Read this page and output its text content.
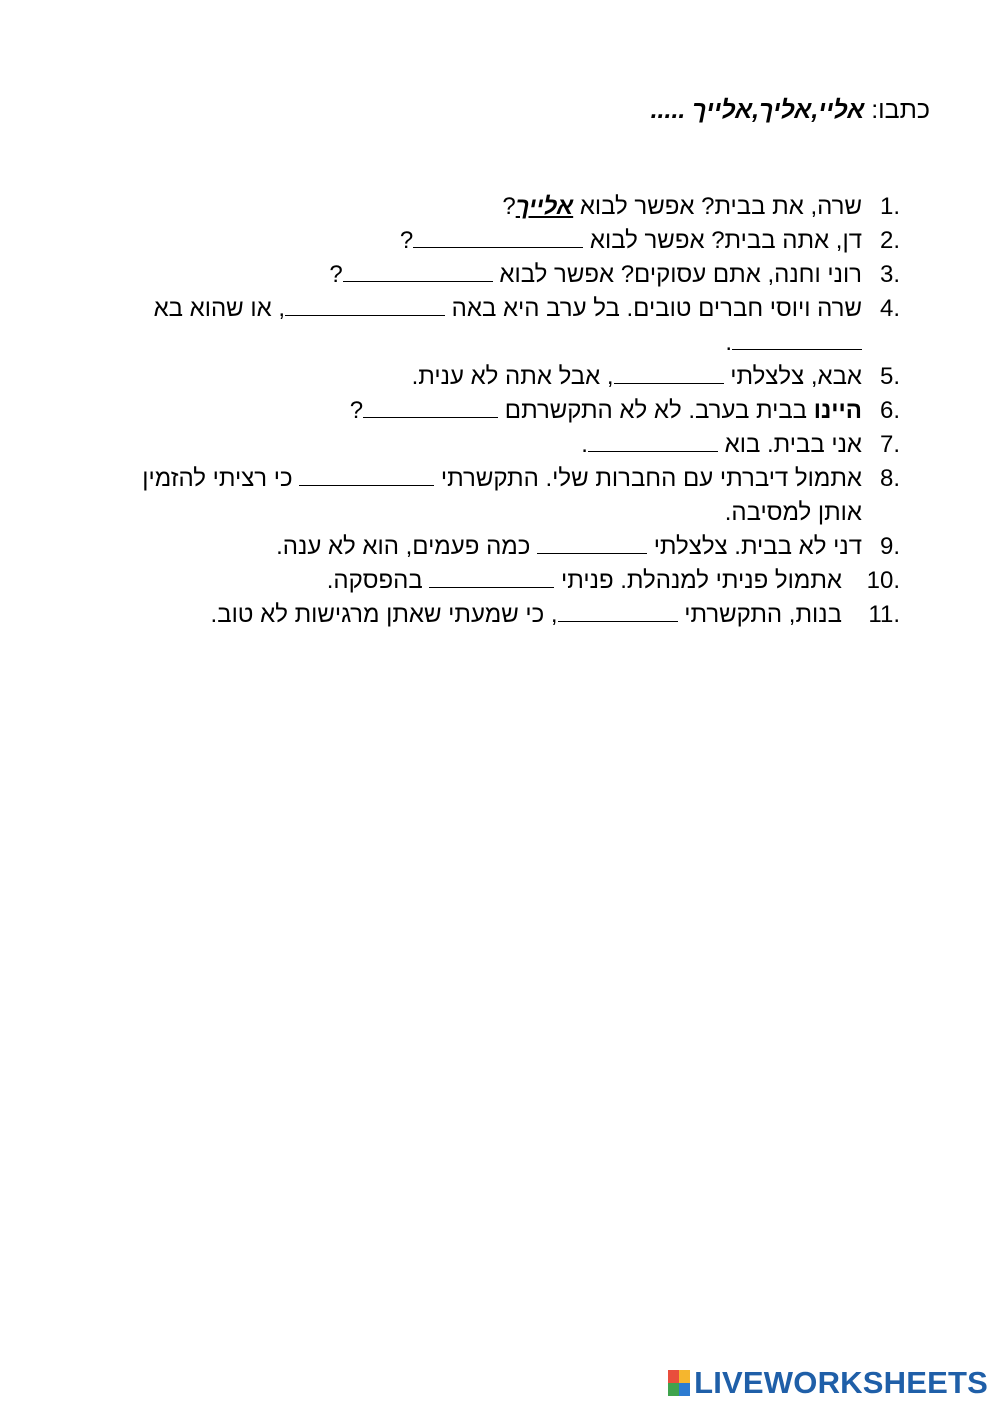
כתבו: אליי,אליך,אלייך .....
1.
שרה, את בבית? אפשר לבוא אלייך?
2.
דן, אתה בבית? אפשר לבוא ?
3.
רוני וחנה, אתם עסוקים? אפשר לבוא ?
4.
שרה ויוסי חברים טובים. בל ערב היא באה , או שהוא בא .
5.
אבא, צלצלתי , אבל אתה לא ענית.
6.
היינו בבית בערב. לא לא התקשרתם ?
7.
אני בבית. בוא .
8.
אתמול דיברתי עם החברות שלי. התקשרתי  כי רציתי להזמין אותן למסיבה.
9.
דני לא בבית. צלצלתי  כמה פעמים, הוא לא ענה.
10.
אתמול פניתי למנהלת. פניתי  בהפסקה.
11.
בנות, התקשרתי , כי שמעתי שאתן מרגישות לא טוב.
LIVEWORKSHEETS
